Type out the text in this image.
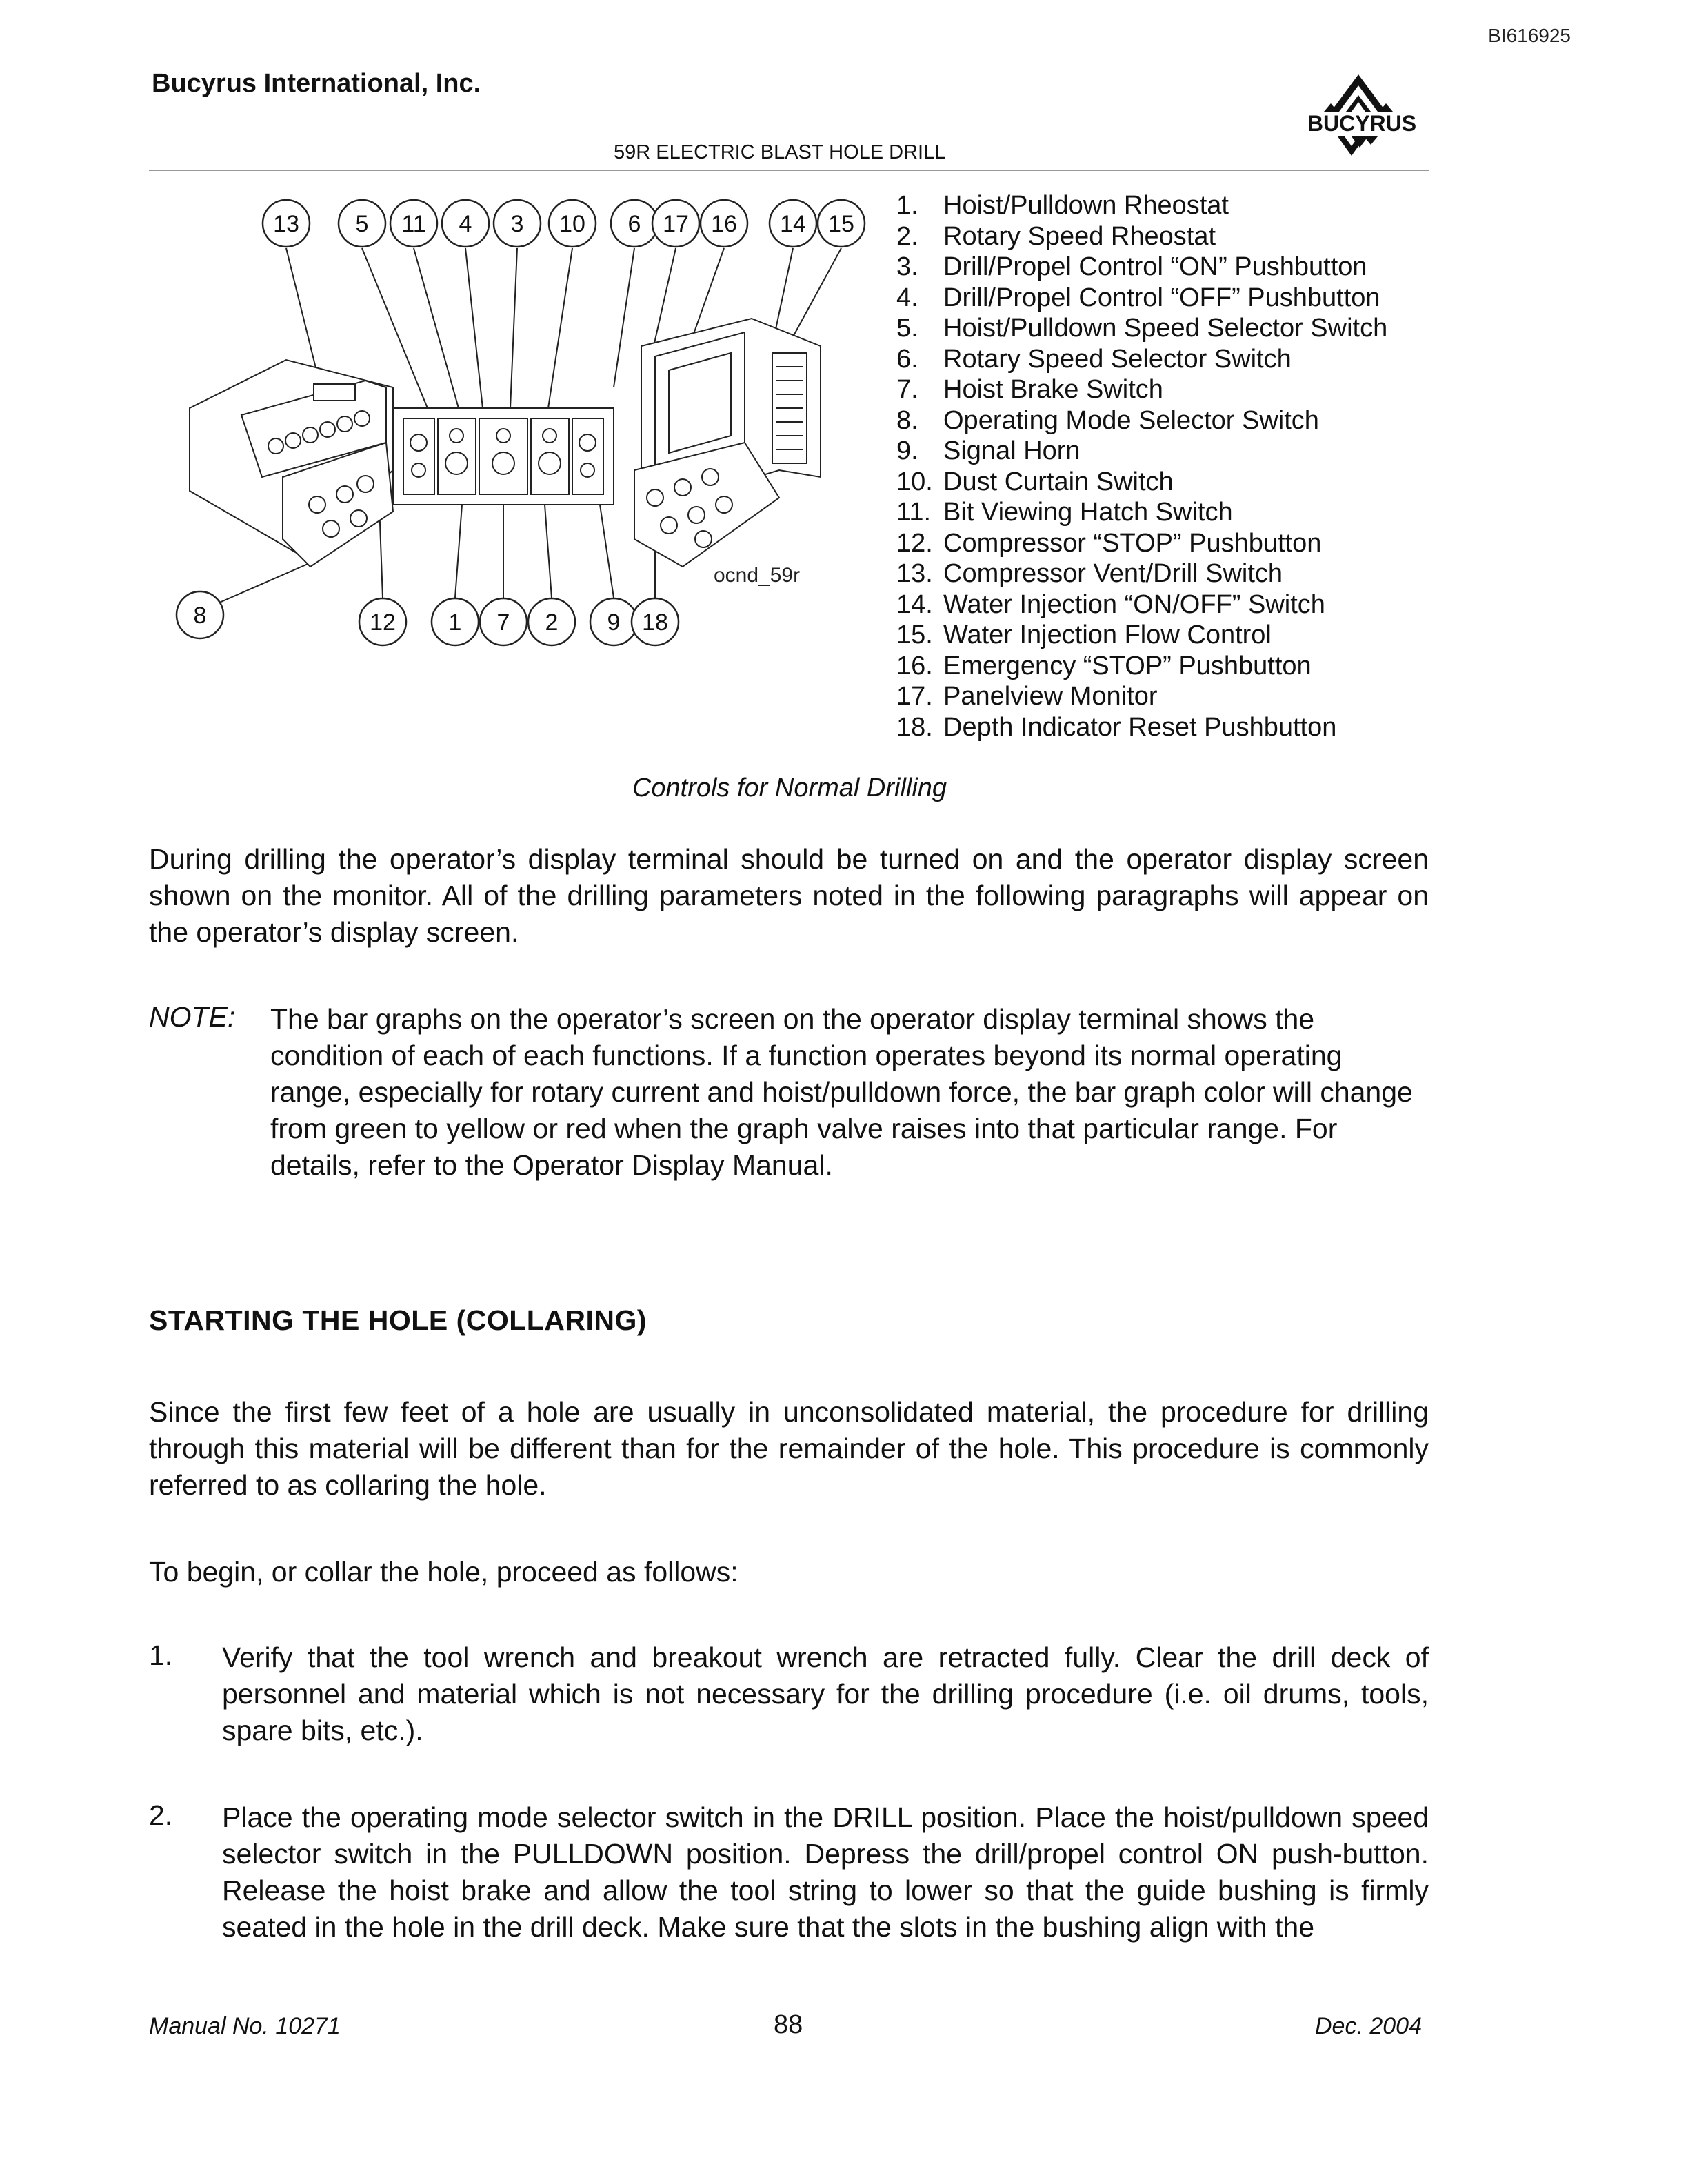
BI616925
Bucyrus International, Inc.
BUCYRUS
59R ELECTRIC BLAST HOLE DRILL
ocnd_59r
13 5 11 4 3 10 6 17 16 14 15
12 1 7 2 9 18
8
1. Hoist/Pulldown Rheostat
2. Rotary Speed Rheostat
3. Drill/Propel Control “ON” Pushbutton
4. Drill/Propel Control “OFF” Pushbutton
5. Hoist/Pulldown Speed Selector Switch
6. Rotary Speed Selector Switch
7. Hoist Brake Switch
8. Operating Mode Selector Switch
9. Signal Horn
10. Dust Curtain Switch
11. Bit Viewing Hatch Switch
12. Compressor “STOP” Pushbutton
13. Compressor Vent/Drill Switch
14. Water Injection “ON/OFF” Switch
15. Water Injection Flow Control
16. Emergency “STOP” Pushbutton
17. Panelview Monitor
18. Depth Indicator Reset Pushbutton
Controls for Normal Drilling
During drilling the operator’s display terminal should be turned on and the operator display screen shown on the monitor. All of the drilling parameters noted in the following paragraphs will appear on the operator’s display screen.
NOTE: The bar graphs on the operator’s screen on the operator display terminal shows the condition of each of each functions. If a function operates beyond its normal operating range, especially for rotary current and hoist/pulldown force, the bar graph color will change from green to yellow or red when the graph valve raises into that particular range. For details, refer to the Operator Display Manual.
STARTING THE HOLE (COLLARING)
Since the first few feet of a hole are usually in unconsolidated material, the procedure for drilling through this material will be different than for the remainder of the hole. This procedure is commonly referred to as collaring the hole.
To begin, or collar the hole, proceed as follows:
1. Verify that the tool wrench and breakout wrench are retracted fully. Clear the drill deck of personnel and material which is not necessary for the drilling procedure (i.e. oil drums, tools, spare bits, etc.).
2. Place the operating mode selector switch in the DRILL position. Place the hoist/pulldown speed selector switch in the PULLDOWN position. Depress the drill/propel control ON push-button. Release the hoist brake and allow the tool string to lower so that the guide bushing is firmly seated in the hole in the drill deck. Make sure that the slots in the bushing align with the
Manual No. 10271	88	Dec. 2004
